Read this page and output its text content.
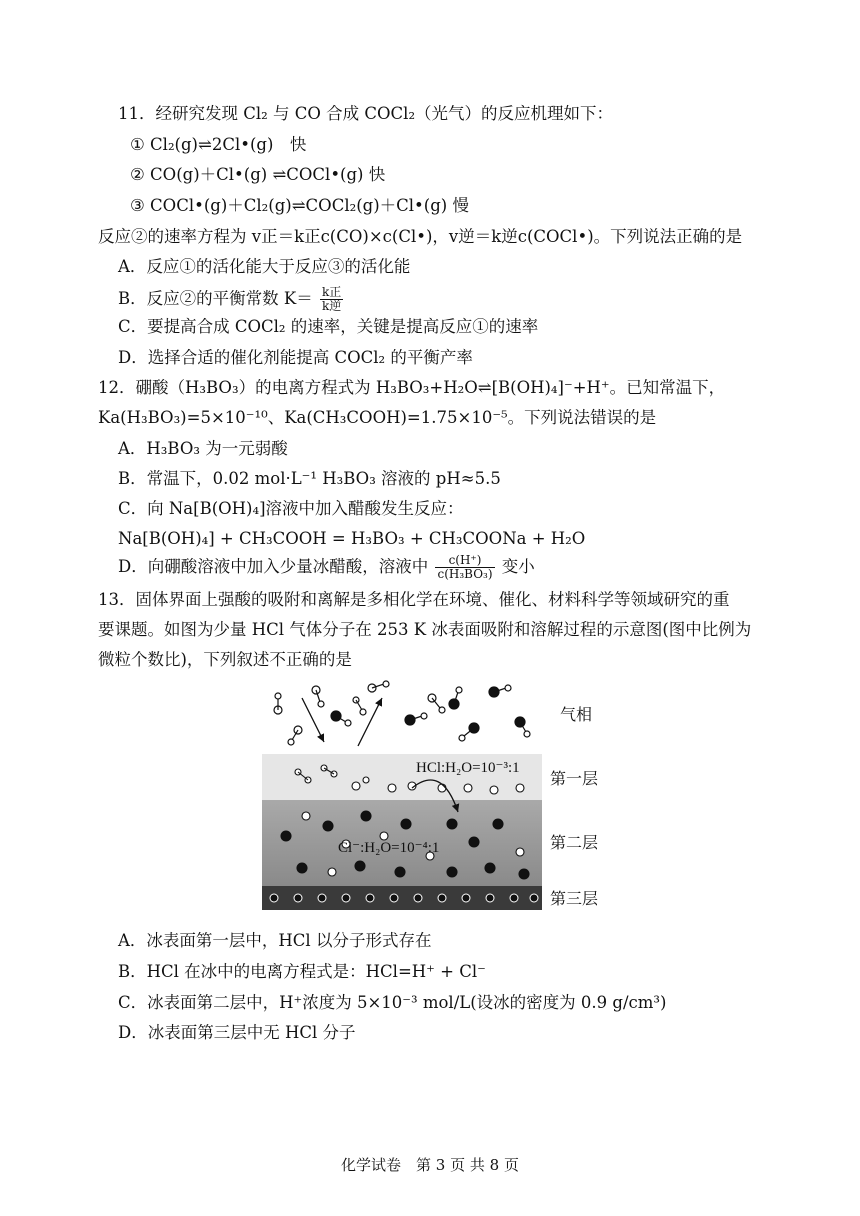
11．经研究发现 Cl₂ 与 CO 合成 COCl₂（光气）的反应机理如下：
① Cl₂(g)⇌2Cl•(g)　快
② CO(g)＋Cl•(g) ⇌COCl•(g) 快
③ COCl•(g)＋Cl₂(g)⇌COCl₂(g)＋Cl•(g) 慢
反应②的速率方程为 v正＝k正c(CO)×c(Cl•)，v逆＝k逆c(COCl•)。下列说法正确的是
A．反应①的活化能大于反应③的活化能
B．反应②的平衡常数 $K= \frac{\text{k正}}{\text{k逆}}$
C．要提高合成 COCl₂ 的速率，关键是提高反应①的速率
D．选择合适的催化剂能提高 COCl₂ 的平衡产率
12．硼酸（H₃BO₃）的电离方程式为 H₃BO₃+H₂O⇌[B(OH)₄]⁻+H⁺。已知常温下，
Ka(H₃BO₃)=5×10⁻¹⁰、Ka(CH₃COOH)=1.75×10⁻⁵。下列说法错误的是
A．H₃BO₃ 为一元弱酸
B．常温下，0.02 mol·L⁻¹ H₃BO₃ 溶液的 pH≈5.5
C．向 Na[B(OH)₄]溶液中加入醋酸发生反应：
Na[B(OH)₄] + CH₃COOH = H₃BO₃ + CH₃COONa + H₂O
D．向硼酸溶液中加入少量冰醋酸，溶液中 $\frac{c(H^+)}{\text{c(H₃BO₃)}}$ 变小
13．固体界面上强酸的吸附和离解是多相化学在环境、催化、材料科学等领域研究的重
要课题。如图为少量 HCl 气体分子在 253 K 冰表面吸附和溶解过程的示意图(图中比例为
微粒个数比)，下列叙述不正确的是
HCl:H₂O=10⁻³:1
Cl⁻:H₂O=10⁻⁴:1
气相
第一层
第二层
第三层
A．冰表面第一层中，HCl 以分子形式存在
B．HCl 在冰中的电离方程式是：HCl=H⁺ + Cl⁻
C．冰表面第二层中，H⁺浓度为 5×10⁻³ mol/L(设冰的密度为 0.9 g/cm³)
D．冰表面第三层中无 HCl 分子
化学试卷　第 3 页 共 8 页
